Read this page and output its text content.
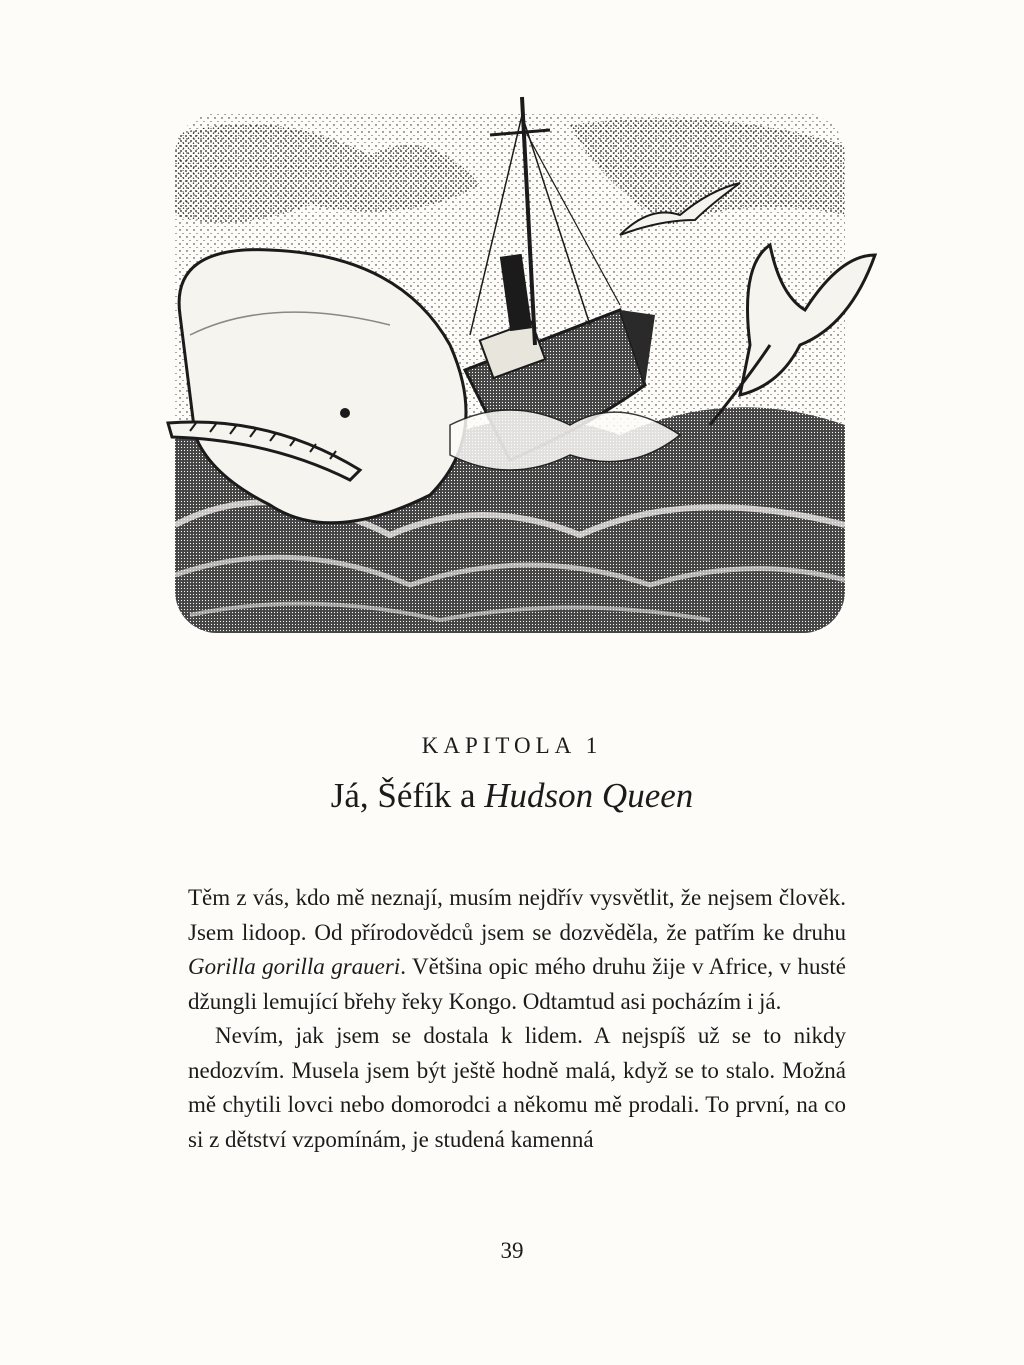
KAPITOLA 1
Já, Šéfík a Hudson Queen

Těm z vás, kdo mě neznají, musím nejdřív vysvětlit, že nejsem člověk. Jsem lidoop. Od přírodovědců jsem se dozvěděla, že patřím ke druhu Gorilla gorilla graueri. Většina opic mého druhu žije v Africe, v husté džungli lemující břehy řeky Kongo. Odtamtud asi pocházím i já.

Nevím, jak jsem se dostala k lidem. A nejspíš už se to nikdy nedozvím. Musela jsem být ještě hodně malá, když se to stalo. Možná mě chytili lovci nebo domorodci a někomu mě prodali. To první, na co si z dětství vzpomínám, je studená kamenná

39
